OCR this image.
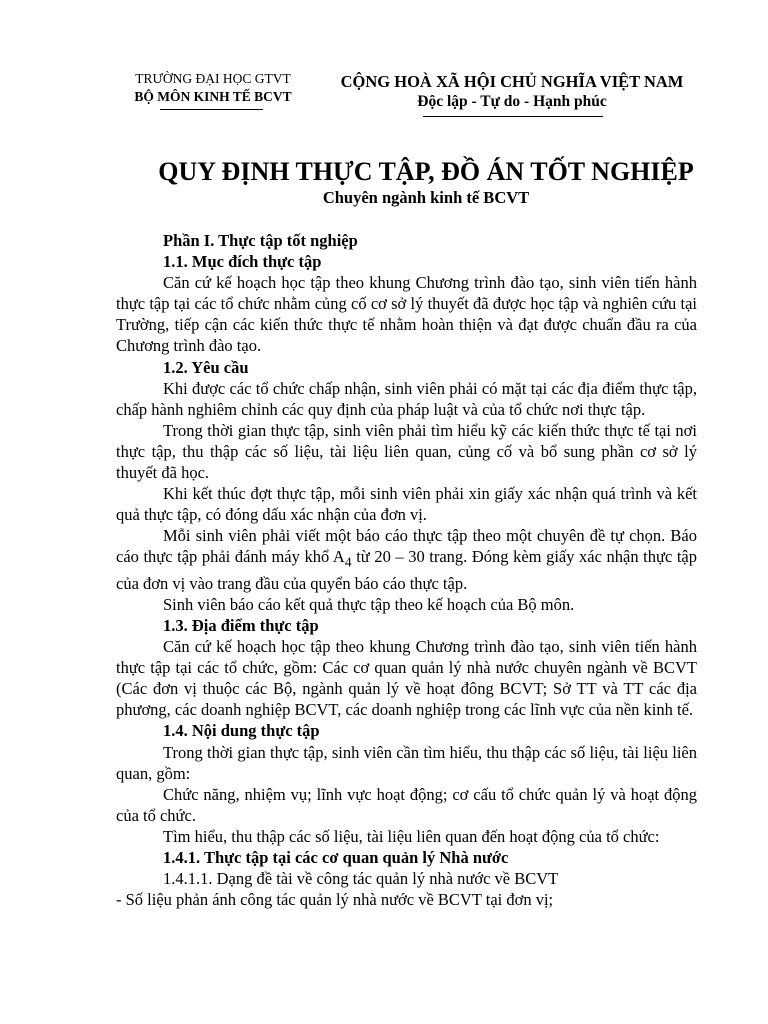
TRƯỜNG ĐẠI HỌC GTVT
BỘ MÔN KINH TẾ BCVT
CỘNG HOÀ XÃ HỘI CHỦ NGHĨA VIỆT NAM
Độc lập - Tự do - Hạnh phúc
QUY ĐỊNH THỰC TẬP, ĐỒ ÁN TỐT NGHIỆP
Chuyên ngành kinh tế BCVT

Phần I. Thực tập tốt nghiệp

1.1. Mục đích thực tập

Căn cứ kế hoạch học tập theo khung Chương trình đào tạo, sinh viên tiến hành thực tập tại các tổ chức nhằm củng cố cơ sở lý thuyết đã được học tập và nghiên cứu tại Trường, tiếp cận các kiến thức thực tế nhằm hoàn thiện và đạt được chuẩn đầu ra của Chương trình đào tạo.

1.2. Yêu cầu

Khi được các tổ chức chấp nhận, sinh viên phải có mặt tại các địa điểm thực tập, chấp hành nghiêm chỉnh các quy định của pháp luật và của tổ chức nơi thực tập.

Trong thời gian thực tập, sinh viên phải tìm hiểu kỹ các kiến thức thực tế tại nơi thực tập, thu thập các số liệu, tài liệu liên quan, củng cố và bổ sung phần cơ sở lý thuyết đã học.

Khi kết thúc đợt thực tập, mỗi sinh viên phải xin giấy xác nhận quá trình và kết quả thực tập, có đóng dấu xác nhận của đơn vị.

Mỗi sinh viên phải viết một báo cáo thực tập theo một chuyên đề tự chọn. Báo cáo thực tập phải đánh máy khổ $A_4$ từ 20 – 30 trang. Đóng kèm giấy xác nhận thực tập của đơn vị vào trang đầu của quyển báo cáo thực tập.

Sinh viên báo cáo kết quả thực tập theo kế hoạch của Bộ môn.

1.3. Địa điểm thực tập

Căn cứ kế hoạch học tập theo khung Chương trình đào tạo, sinh viên tiến hành thực tập tại các tổ chức, gồm: Các cơ quan quản lý nhà nước chuyên ngành về BCVT (Các đơn vị thuộc các Bộ, ngành quản lý về hoạt đông BCVT; Sở TT và TT các địa phương, các doanh nghiệp BCVT, các doanh nghiệp trong các lĩnh vực của nền kinh tế.

1.4. Nội dung thực tập

Trong thời gian thực tập, sinh viên cần tìm hiểu, thu thập các số liệu, tài liệu liên quan, gồm:

Chức năng, nhiệm vụ; lĩnh vực hoạt động; cơ cấu tổ chức quản lý và hoạt động của tổ chức.

Tìm hiểu, thu thập các số liệu, tài liệu liên quan đến hoạt động của tổ chức:

1.4.1. Thực tập tại các cơ quan quản lý Nhà nước

1.4.1.1. Dạng đề tài về công tác quản lý nhà nước về BCVT

- Số liệu phản ánh công tác quản lý nhà nước về BCVT tại đơn vị;
